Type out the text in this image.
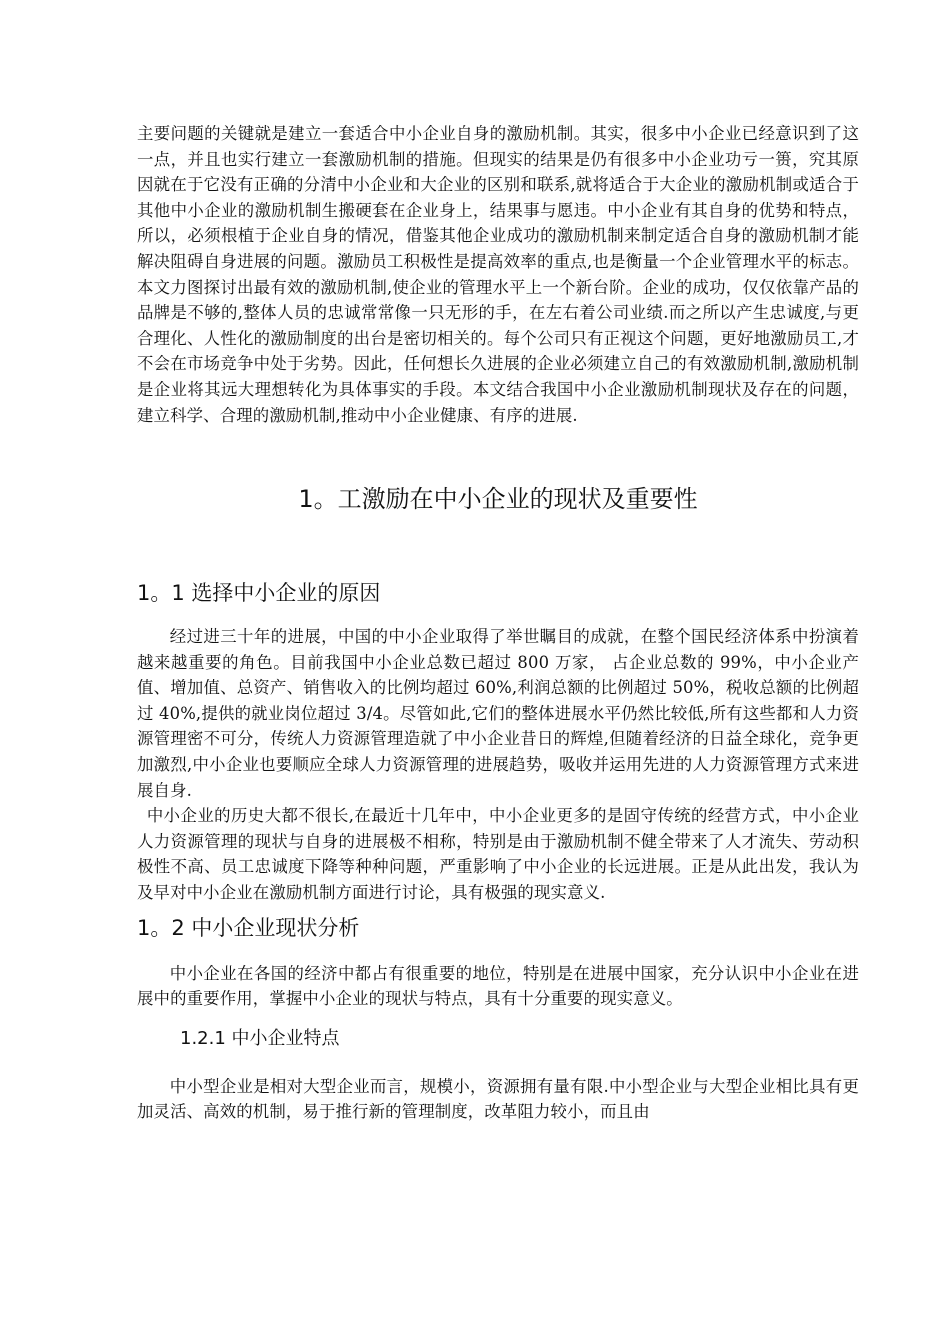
主要问题的关键就是建立一套适合中小企业自身的激励机制。其实，很多中小企业已经意识到了这一点，并且也实行建立一套激励机制的措施。但现实的结果是仍有很多中小企业功亏一篑，究其原因就在于它没有正确的分清中小企业和大企业的区别和联系,就将适合于大企业的激励机制或适合于其他中小企业的激励机制生搬硬套在企业身上，结果事与愿违。中小企业有其自身的优势和特点，所以，必须根植于企业自身的情况，借鉴其他企业成功的激励机制来制定适合自身的激励机制才能解决阻碍自身进展的问题。激励员工积极性是提高效率的重点,也是衡量一个企业管理水平的标志。本文力图探讨出最有效的激励机制,使企业的管理水平上一个新台阶。企业的成功，仅仅依靠产品的品牌是不够的,整体人员的忠诚常常像一只无形的手，在左右着公司业绩.而之所以产生忠诚度,与更合理化、人性化的激励制度的出台是密切相关的。每个公司只有正视这个问题，更好地激励员工,才不会在市场竞争中处于劣势。因此，任何想长久进展的企业必须建立自己的有效激励机制,激励机制是企业将其远大理想转化为具体事实的手段。本文结合我国中小企业激励机制现状及存在的问题，建立科学、合理的激励机制,推动中小企业健康、有序的进展.

1。工激励在中小企业的现状及重要性
1。1 选择中小企业的原因

经过进三十年的进展，中国的中小企业取得了举世瞩目的成就，在整个国民经济体系中扮演着越来越重要的角色。目前我国中小企业总数已超过 800 万家， 占企业总数的 99%，中小企业产值、增加值、总资产、销售收入的比例均超过 60%,利润总额的比例超过 50%，税收总额的比例超过 40%,提供的就业岗位超过 3/4。尽管如此,它们的整体进展水平仍然比较低,所有这些都和人力资源管理密不可分，传统人力资源管理造就了中小企业昔日的辉煌,但随着经济的日益全球化，竞争更加激烈,中小企业也要顺应全球人力资源管理的进展趋势，吸收并运用先进的人力资源管理方式来进展自身.

中小企业的历史大都不很长,在最近十几年中，中小企业更多的是固守传统的经营方式，中小企业人力资源管理的现状与自身的进展极不相称，特别是由于激励机制不健全带来了人才流失、劳动积极性不高、员工忠诚度下降等种种问题，严重影响了中小企业的长远进展。正是从此出发，我认为及早对中小企业在激励机制方面进行讨论，具有极强的现实意义.

1。2 中小企业现状分析

中小企业在各国的经济中都占有很重要的地位，特别是在进展中国家，充分认识中小企业在进展中的重要作用，掌握中小企业的现状与特点，具有十分重要的现实意义。

1.2.1 中小企业特点

中小型企业是相对大型企业而言，规模小，资源拥有量有限.中小型企业与大型企业相比具有更加灵活、高效的机制，易于推行新的管理制度，改革阻力较小，而且由
